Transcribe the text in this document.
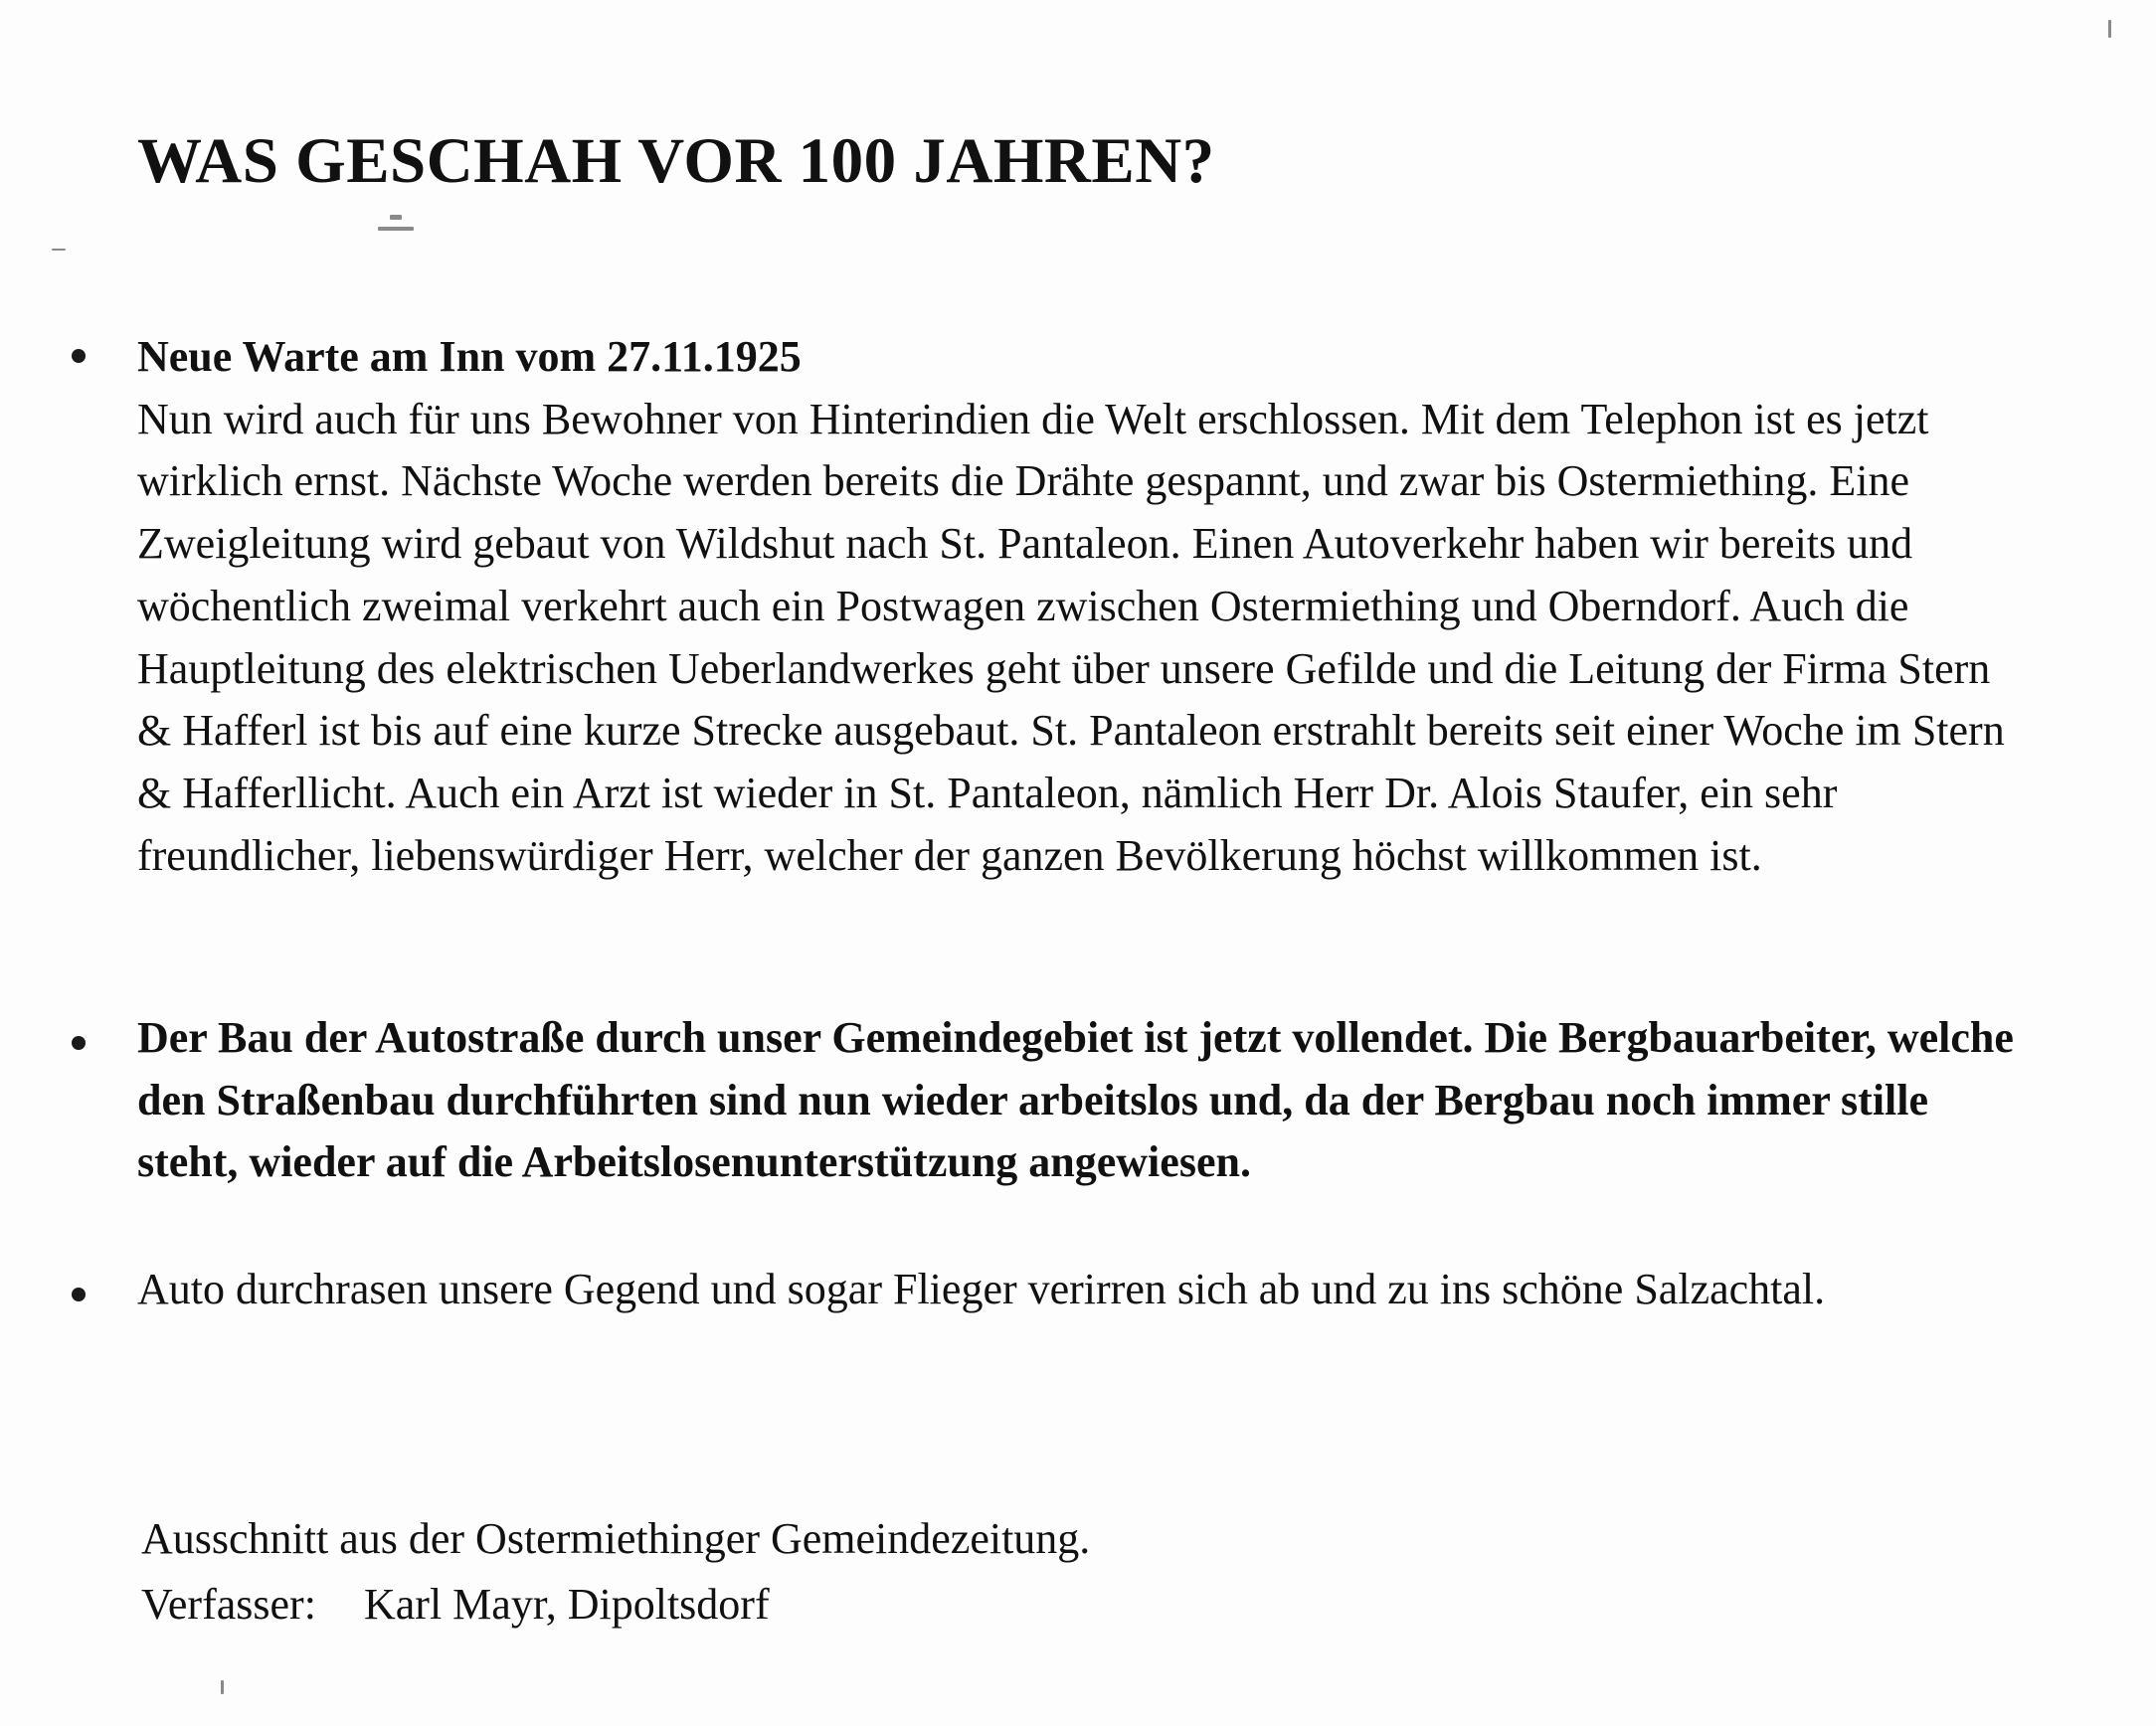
WAS GESCHAH VOR 100 JAHREN?
Neue Warte am Inn vom 27.11.1925
Nun wird auch für uns Bewohner von Hinterindien die Welt erschlossen. Mit dem Telephon ist es jetzt wirklich ernst. Nächste Woche werden bereits die Drähte gespannt, und zwar bis Ostermiething. Eine Zweigleitung wird gebaut von Wildshut nach St. Pantaleon. Einen Autoverkehr haben wir bereits und wöchentlich zweimal verkehrt auch ein Postwagen zwischen Ostermiething und Oberndorf. Auch die Hauptleitung des elektrischen Ueberlandwerkes geht über unsere Gefilde und die Leitung der Firma Stern & Hafferl ist bis auf eine kurze Strecke ausgebaut. St. Pantaleon erstrahlt bereits seit einer Woche im Stern & Hafferllicht. Auch ein Arzt ist wieder in St. Pantaleon, nämlich Herr Dr. Alois Staufer, ein sehr freundlicher, liebenswürdiger Herr, welcher der ganzen Bevölkerung höchst willkommen ist.
Der Bau der Autostraße durch unser Gemeindegebiet ist jetzt vollendet. Die Bergbauarbeiter, welche den Straßenbau durchführten sind nun wieder arbeitslos und, da der Bergbau noch immer stille steht, wieder auf die Arbeitslosenunterstützung angewiesen.
Auto durchrasen unsere Gegend und sogar Flieger verirren sich ab und zu ins schöne Salzachtal.
Ausschnitt aus der Ostermiethinger Gemeindezeitung.
Verfasser: Karl Mayr, Dipoltsdorf
